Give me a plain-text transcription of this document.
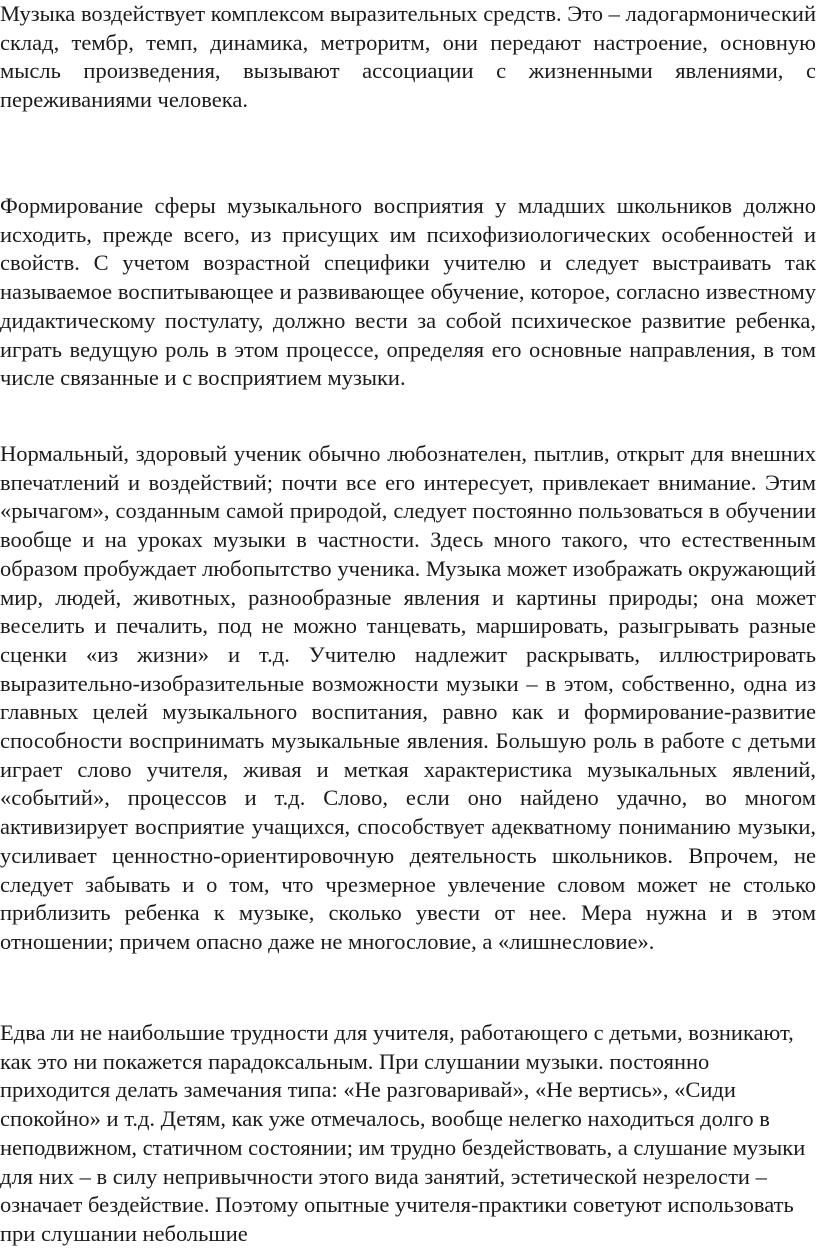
Музыка воздействует комплексом выразительных средств. Это – ладогармонический склад, тембр, темп, динамика, метроритм, они передают настроение, основную мысль произведения, вызывают ассоциации с жизненными явлениями, с переживаниями человека.

Формирование сферы музыкального восприятия у младших школьников должно исходить, прежде всего, из присущих им психофизиологических особенностей и свойств. С учетом возрастной специфики учителю и следует выстраивать так называемое воспитывающее и развивающее обучение, которое, согласно известному дидактическому постулату, должно вести за собой психическое развитие ребенка, играть ведущую роль в этом процессе, определяя его основные направления, в том числе связанные и с восприятием музыки.

Нормальный, здоровый ученик обычно любознателен, пытлив, открыт для внешних впечатлений и воздействий; почти все его интересует, привлекает внимание. Этим «рычагом», созданным самой природой, следует постоянно пользоваться в обучении вообще и на уроках музыки в частности. Здесь много такого, что естественным образом пробуждает любопытство ученика. Музыка может изображать окружающий мир, людей, животных, разнообразные явления и картины природы; она может веселить и печалить, под не можно танцевать, маршировать, разыгрывать разные сценки «из жизни» и т.д. Учителю надлежит раскрывать, иллюстрировать выразительно-изобразительные возможности музыки – в этом, собственно, одна из главных целей музыкального воспитания, равно как и формирование-развитие способности воспринимать музыкальные явления. Большую роль в работе с детьми играет слово учителя, живая и меткая характеристика музыкальных явлений, «событий», процессов и т.д. Слово, если оно найдено удачно, во многом активизирует восприятие учащихся, способствует адекватному пониманию музыки, усиливает ценностно-ориентировочную деятельность школьников. Впрочем, не следует забывать и о том, что чрезмерное увлечение словом может не столько приблизить ребенка к музыке, сколько увести от нее. Мера нужна и в этом отношении; причем опасно даже не многословие, а «лишнесловие».

Едва ли не наибольшие трудности для учителя, работающего с детьми, возникают, как это ни покажется парадоксальным. При слушании музыки. постоянно приходится делать замечания типа: «Не разговаривай», «Не вертись», «Сиди спокойно» и т.д. Детям, как уже отмечалось, вообще нелегко находиться долго в неподвижном, статичном состоянии; им трудно бездействовать, а слушание музыки для них – в силу непривычности этого вида занятий, эстетической незрелости – означает бездействие. Поэтому опытные учителя-практики советуют использовать при слушании небольшие
